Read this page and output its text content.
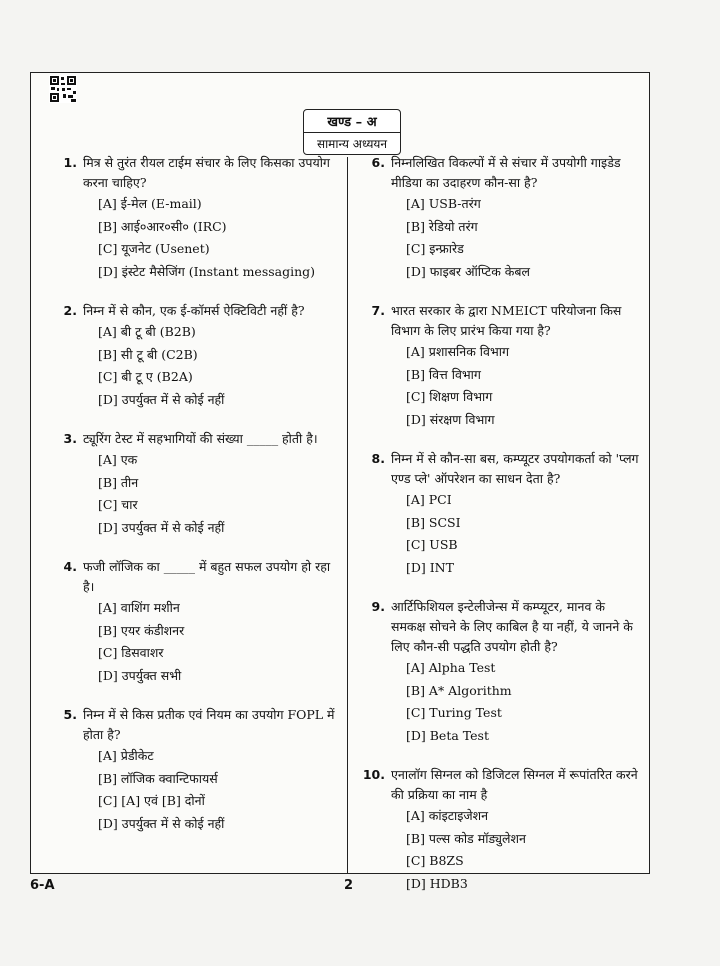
खण्ड – अ
सामान्य अध्ययन
1. मित्र से तुरंत रीयल टाईम संचार के लिए किसका उपयोग करना चाहिए?
[A] ई-मेल (E-mail)
[B] आई०आर०सी० (IRC)
[C] यूजनेट (Usenet)
[D] इंस्टेट मैसेजिंग (Instant messaging)
2. निम्न में से कौन, एक ई-कॉमर्स ऐक्टिविटी नहीं है?
[A] बी टू बी (B2B)
[B] सी टू बी (C2B)
[C] बी टू ए (B2A)
[D] उपर्युक्त में से कोई नहीं
3. ट्यूरिंग टेस्ट में सहभागियों की संख्या _____ होती है।
[A] एक
[B] तीन
[C] चार
[D] उपर्युक्त में से कोई नहीं
4. फजी लॉजिक का _____ में बहुत सफल उपयोग हो रहा है।
[A] वाशिंग मशीन
[B] एयर कंडीशनर
[C] डिसवाशर
[D] उपर्युक्त सभी
5. निम्न में से किस प्रतीक एवं नियम का उपयोग FOPL में होता है?
[A] प्रेडीकेट
[B] लॉजिक क्वान्टिफायर्स
[C] [A] एवं [B] दोनों
[D] उपर्युक्त में से कोई नहीं
6. निम्नलिखित विकल्पों में से संचार में उपयोगी गाइडेड मीडिया का उदाहरण कौन-सा है?
[A] USB-तरंग
[B] रेडियो तरंग
[C] इन्फ्रारेड
[D] फाइबर ऑप्टिक केबल
7. भारत सरकार के द्वारा NMEICT परियोजना किस विभाग के लिए प्रारंभ किया गया है?
[A] प्रशासनिक विभाग
[B] वित्त विभाग
[C] शिक्षण विभाग
[D] संरक्षण विभाग
8. निम्न में से कौन-सा बस, कम्प्यूटर उपयोगकर्ता को 'प्लग एण्ड प्ले' ऑपरेशन का साधन देता है?
[A] PCI
[B] SCSI
[C] USB
[D] INT
9. आर्टिफिशियल इन्टेलीजेन्स में कम्प्यूटर, मानव के समकक्ष सोचने के लिए काबिल है या नहीं, ये जानने के लिए कौन-सी पद्धति उपयोग होती है?
[A] Alpha Test
[B] A* Algorithm
[C] Turing Test
[D] Beta Test
10. एनालॉग सिग्नल को डिजिटल सिग्नल में रूपांतरित करने की प्रक्रिया का नाम है
[A] कांइटाइजेशन
[B] पल्स कोड मॉड्युलेशन
[C] B8ZS
[D] HDB3
6-A	2
